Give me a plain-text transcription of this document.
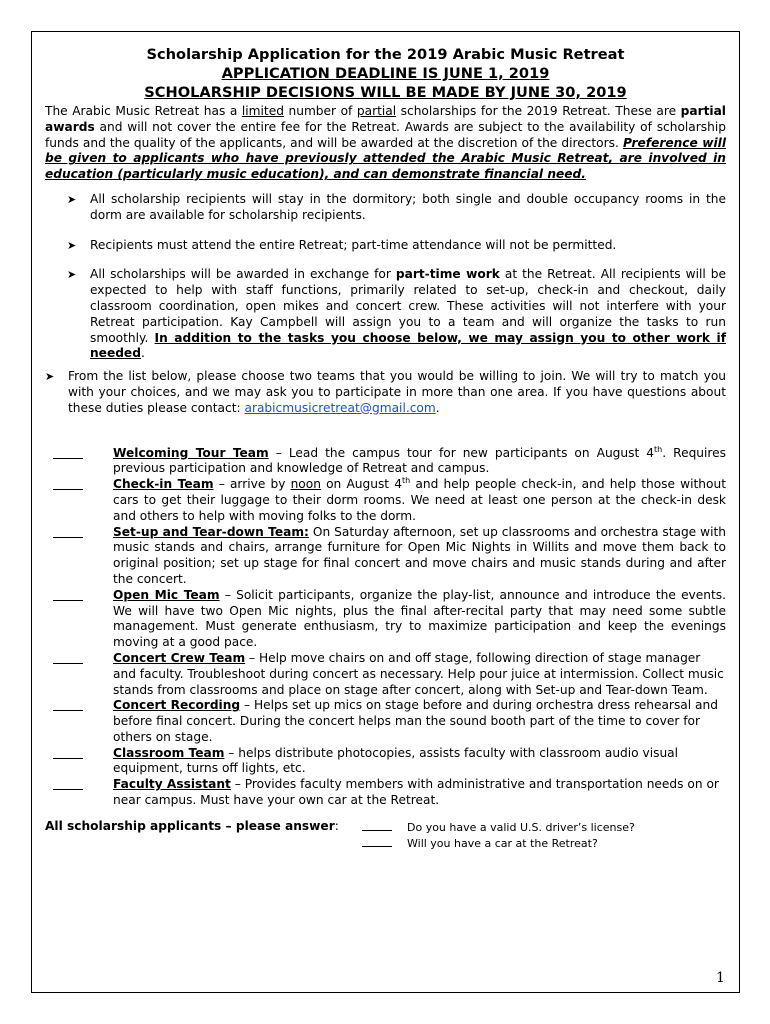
Scholarship Application for the 2019 Arabic Music Retreat
APPLICATION DEADLINE IS JUNE 1, 2019
SCHOLARSHIP DECISIONS WILL BE MADE BY JUNE 30, 2019
The Arabic Music Retreat has a limited number of partial scholarships for the 2019 Retreat. These are partial awards and will not cover the entire fee for the Retreat. Awards are subject to the availability of scholarship funds and the quality of the applicants, and will be awarded at the discretion of the directors. Preference will be given to applicants who have previously attended the Arabic Music Retreat, are involved in education (particularly music education), and can demonstrate financial need.
➤ All scholarship recipients will stay in the dormitory; both single and double occupancy rooms in the dorm are available for scholarship recipients.
➤ Recipients must attend the entire Retreat; part-time attendance will not be permitted.
➤ All scholarships will be awarded in exchange for part-time work at the Retreat. All recipients will be expected to help with staff functions, primarily related to set-up, check-in and checkout, daily classroom coordination, open mikes and concert crew. These activities will not interfere with your Retreat participation. Kay Campbell will assign you to a team and will organize the tasks to run smoothly. In addition to the tasks you choose below, we may assign you to other work if needed.
➤ From the list below, please choose two teams that you would be willing to join. We will try to match you with your choices, and we may ask you to participate in more than one area. If you have questions about these duties please contact: arabicmusicretreat@gmail.com.
Welcoming Tour Team – Lead the campus tour for new participants on August 4th. Requires previous participation and knowledge of Retreat and campus.
Check-in Team – arrive by noon on August 4th and help people check-in, and help those without cars to get their luggage to their dorm rooms. We need at least one person at the check-in desk and others to help with moving folks to the dorm.
Set-up and Tear-down Team: On Saturday afternoon, set up classrooms and orchestra stage with music stands and chairs, arrange furniture for Open Mic Nights in Willits and move them back to original position; set up stage for final concert and move chairs and music stands during and after the concert.
Open Mic Team – Solicit participants, organize the play-list, announce and introduce the events. We will have two Open Mic nights, plus the final after-recital party that may need some subtle management. Must generate enthusiasm, try to maximize participation and keep the evenings moving at a good pace.
Concert Crew Team – Help move chairs on and off stage, following direction of stage manager and faculty. Troubleshoot during concert as necessary. Help pour juice at intermission. Collect music stands from classrooms and place on stage after concert, along with Set-up and Tear-down Team.
Concert Recording – Helps set up mics on stage before and during orchestra dress rehearsal and before final concert. During the concert helps man the sound booth part of the time to cover for others on stage.
Classroom Team – helps distribute photocopies, assists faculty with classroom audio visual equipment, turns off lights, etc.
Faculty Assistant – Provides faculty members with administrative and transportation needs on or near campus. Must have your own car at the Retreat.
All scholarship applicants – please answer:	Do you have a valid U.S. driver’s license?
Will you have a car at the Retreat?
1
